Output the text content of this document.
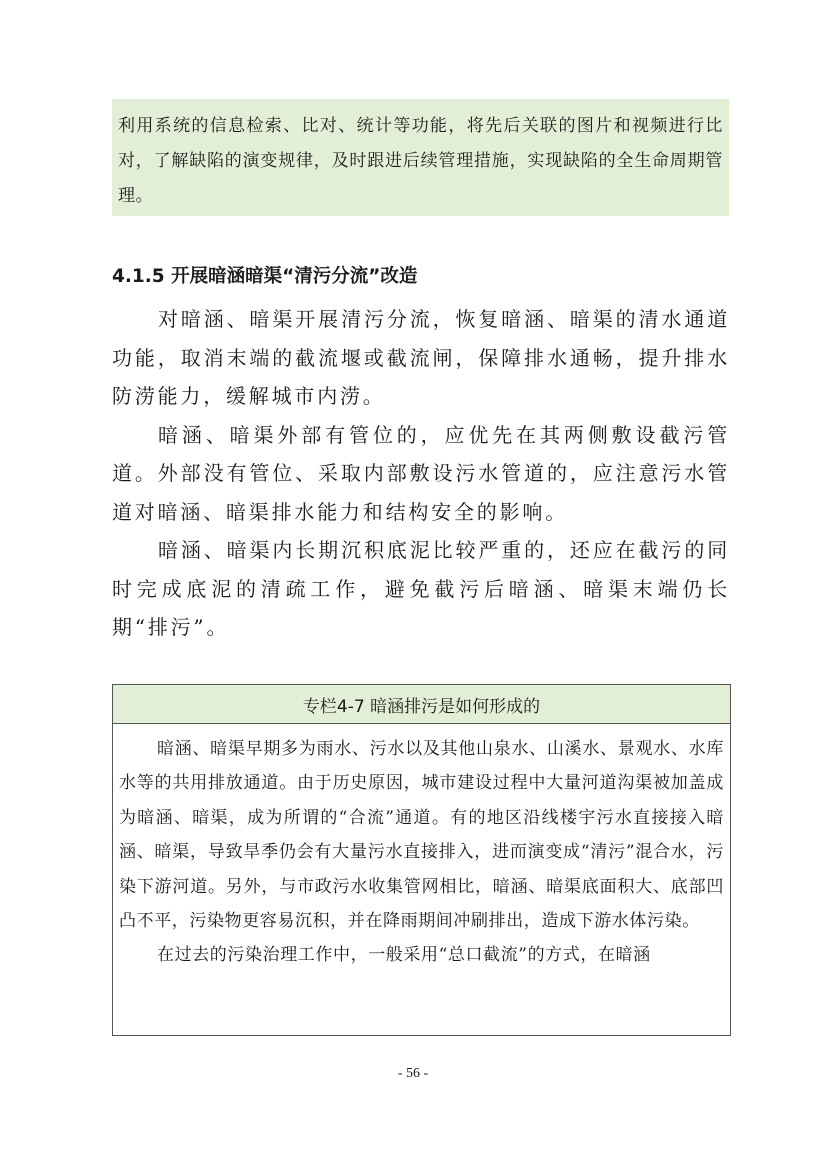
利用系统的信息检索、比对、统计等功能，将先后关联的图片和视频进行比对，了解缺陷的演变规律，及时跟进后续管理措施，实现缺陷的全生命周期管理。

4.1.5 开展暗涵暗渠“清污分流”改造

对暗涵、暗渠开展清污分流，恢复暗涵、暗渠的清水通道功能，取消末端的截流堰或截流闸，保障排水通畅，提升排水防涝能力，缓解城市内涝。

暗涵、暗渠外部有管位的，应优先在其两侧敷设截污管道。外部没有管位、采取内部敷设污水管道的，应注意污水管道对暗涵、暗渠排水能力和结构安全的影响。

暗涵、暗渠内长期沉积底泥比较严重的，还应在截污的同时完成底泥的清疏工作，避免截污后暗涵、暗渠末端仍长期“排污”。

专栏4-7 暗涵排污是如何形成的

暗涵、暗渠早期多为雨水、污水以及其他山泉水、山溪水、景观水、水库水等的共用排放通道。由于历史原因，城市建设过程中大量河道沟渠被加盖成为暗涵、暗渠，成为所谓的“合流”通道。有的地区沿线楼宇污水直接接入暗涵、暗渠，导致旱季仍会有大量污水直接排入，进而演变成“清污”混合水，污染下游河道。另外，与市政污水收集管网相比，暗涵、暗渠底面积大、底部凹凸不平，污染物更容易沉积，并在降雨期间冲刷排出，造成下游水体污染。

在过去的污染治理工作中，一般采用“总口截流”的方式，在暗涵

- 56 -
